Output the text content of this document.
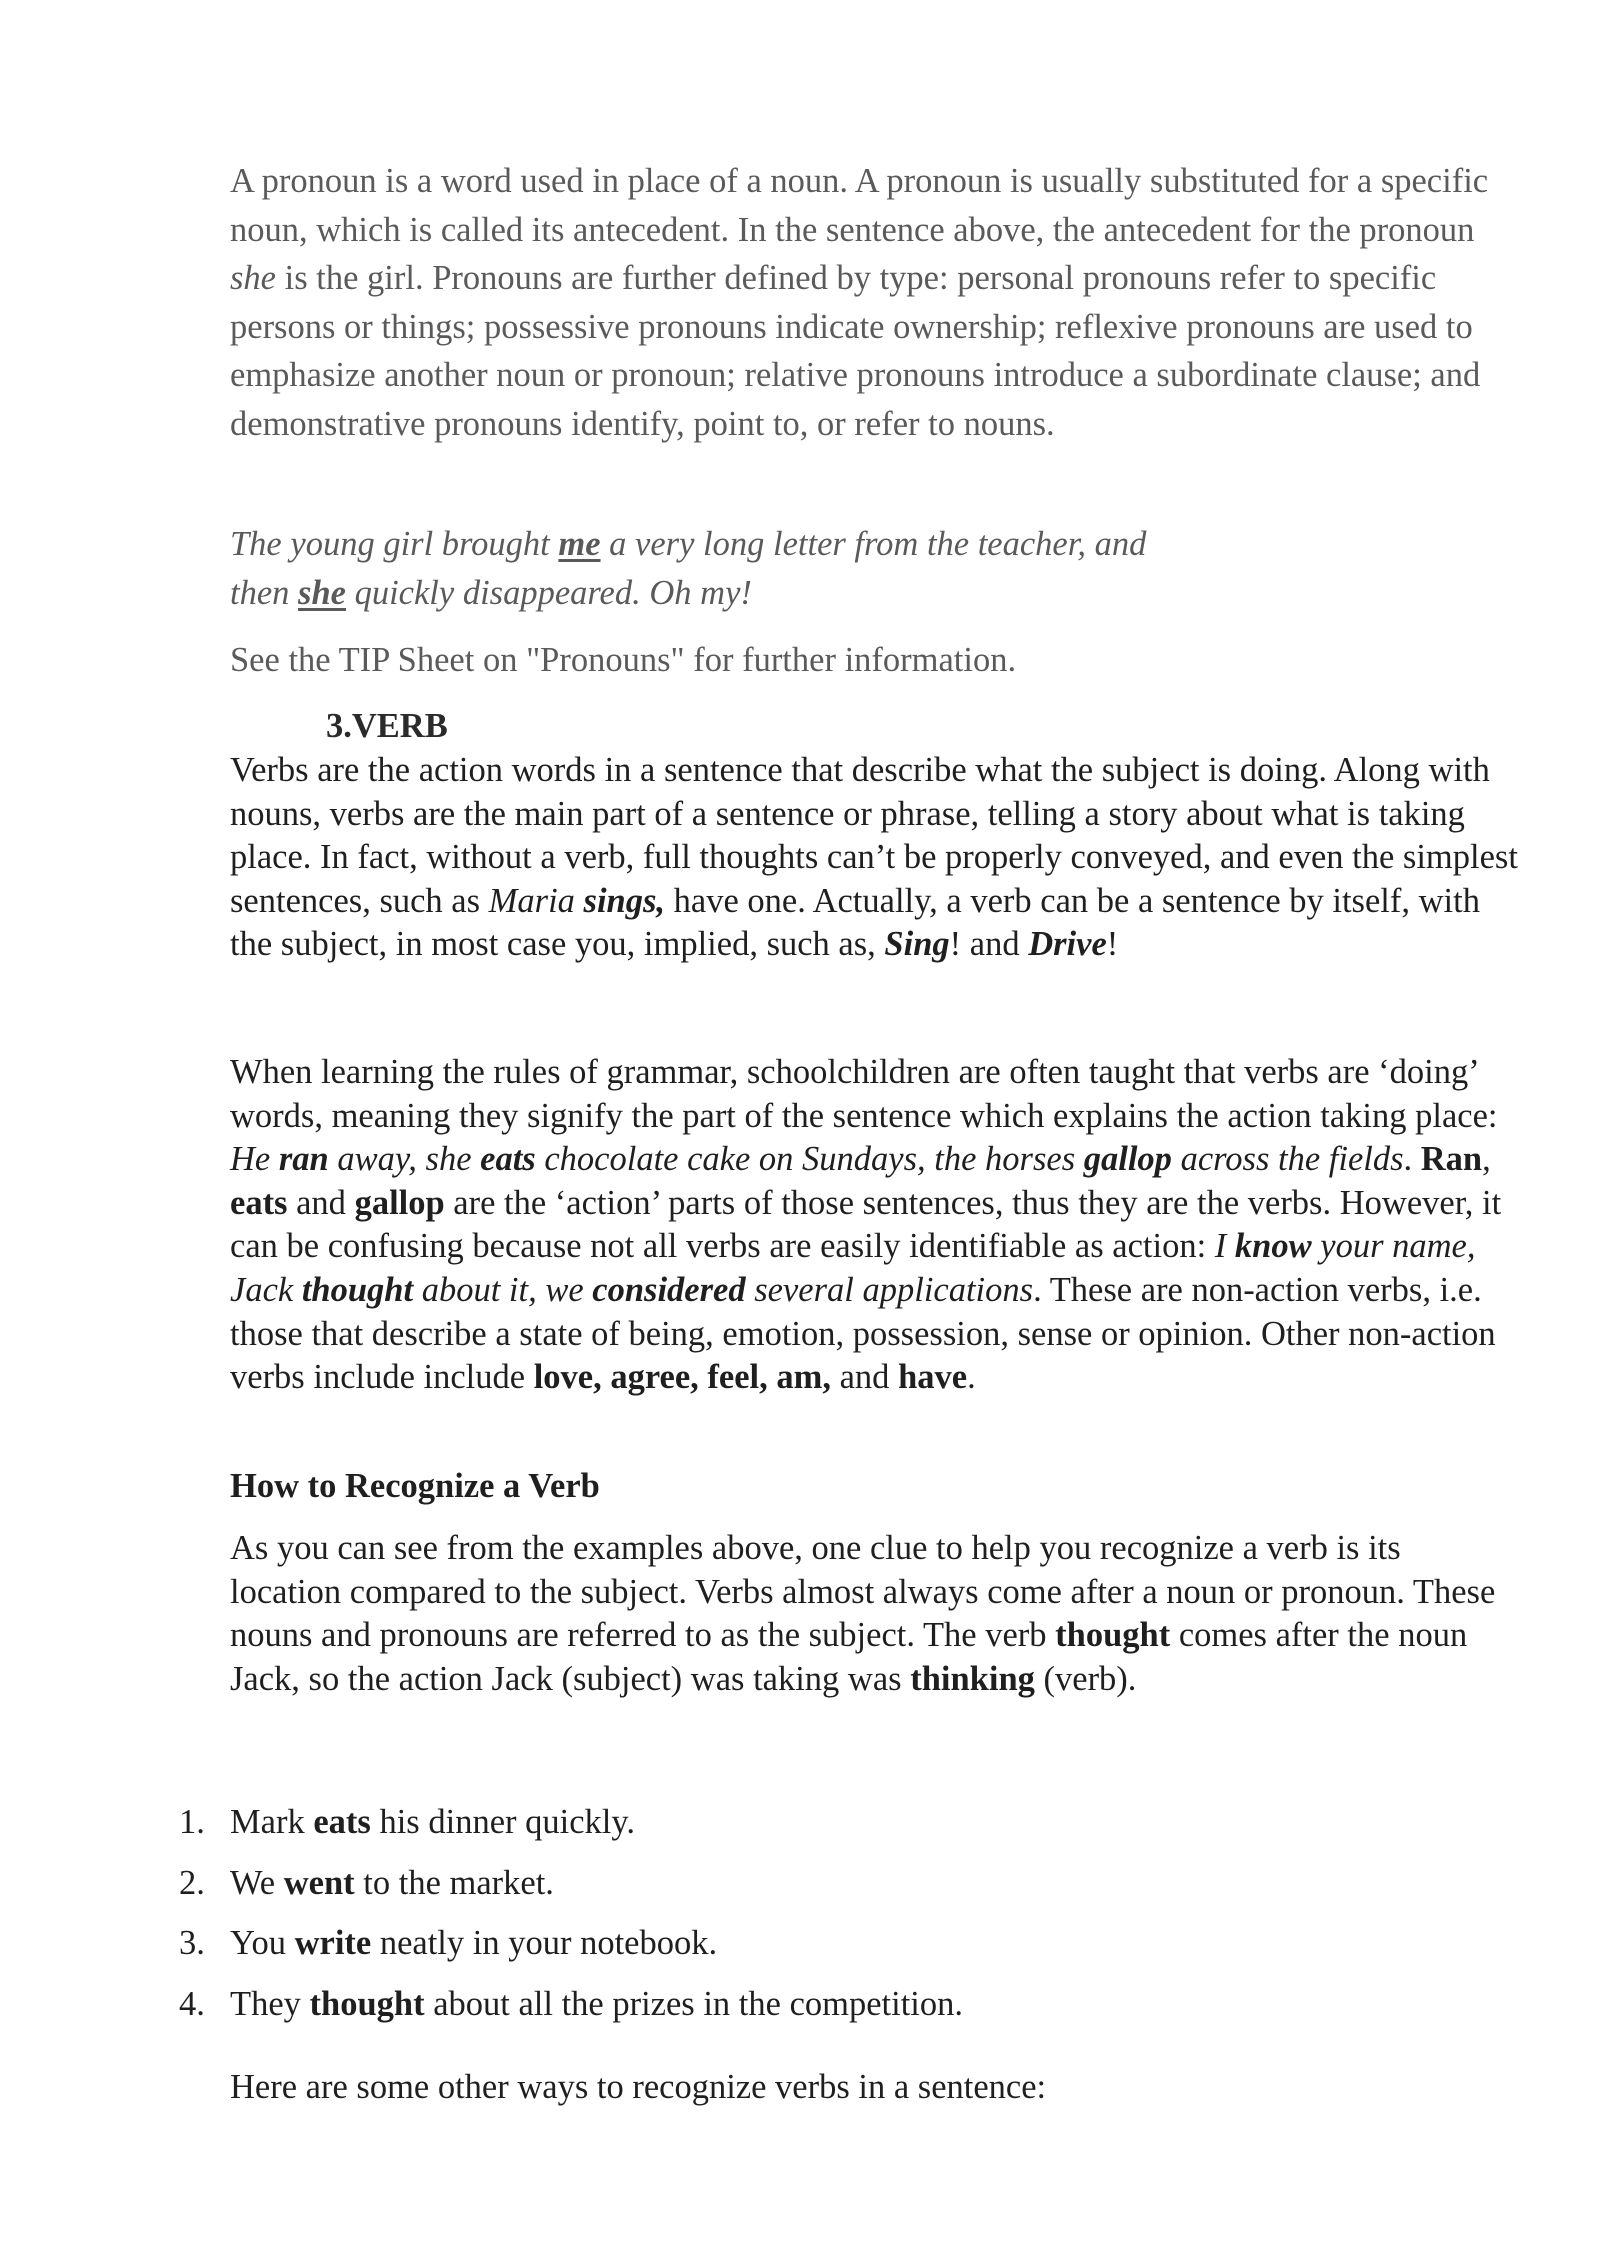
A pronoun is a word used in place of a noun. A pronoun is usually substituted for a specific noun, which is called its antecedent. In the sentence above, the antecedent for the pronoun she is the girl. Pronouns are further defined by type: personal pronouns refer to specific persons or things; possessive pronouns indicate ownership; reflexive pronouns are used to emphasize another noun or pronoun; relative pronouns introduce a subordinate clause; and demonstrative pronouns identify, point to, or refer to nouns.

The young girl brought me a very long letter from the teacher, and
then she quickly disappeared. Oh my!

See the TIP Sheet on "Pronouns" for further information.

3.VERB

Verbs are the action words in a sentence that describe what the subject is doing. Along with nouns, verbs are the main part of a sentence or phrase, telling a story about what is taking place. In fact, without a verb, full thoughts can’t be properly conveyed, and even the simplest sentences, such as Maria sings, have one. Actually, a verb can be a sentence by itself, with the subject, in most case you, implied, such as, Sing! and Drive!

When learning the rules of grammar, schoolchildren are often taught that verbs are ‘doing’ words, meaning they signify the part of the sentence which explains the action taking place: He ran away, she eats chocolate cake on Sundays, the horses gallop across the fields. Ran, eats and gallop are the ‘action’ parts of those sentences, thus they are the verbs. However, it can be confusing because not all verbs are easily identifiable as action: I know your name, Jack thought about it, we considered several applications. These are non-action verbs, i.e. those that describe a state of being, emotion, possession, sense or opinion. Other non-action verbs include include love, agree, feel, am, and have.

How to Recognize a Verb

As you can see from the examples above, one clue to help you recognize a verb is its location compared to the subject. Verbs almost always come after a noun or pronoun. These nouns and pronouns are referred to as the subject. The verb thought comes after the noun Jack, so the action Jack (subject) was taking was thinking (verb).

1. Mark eats his dinner quickly.
2. We went to the market.
3. You write neatly in your notebook.
4. They thought about all the prizes in the competition.

Here are some other ways to recognize verbs in a sentence:
